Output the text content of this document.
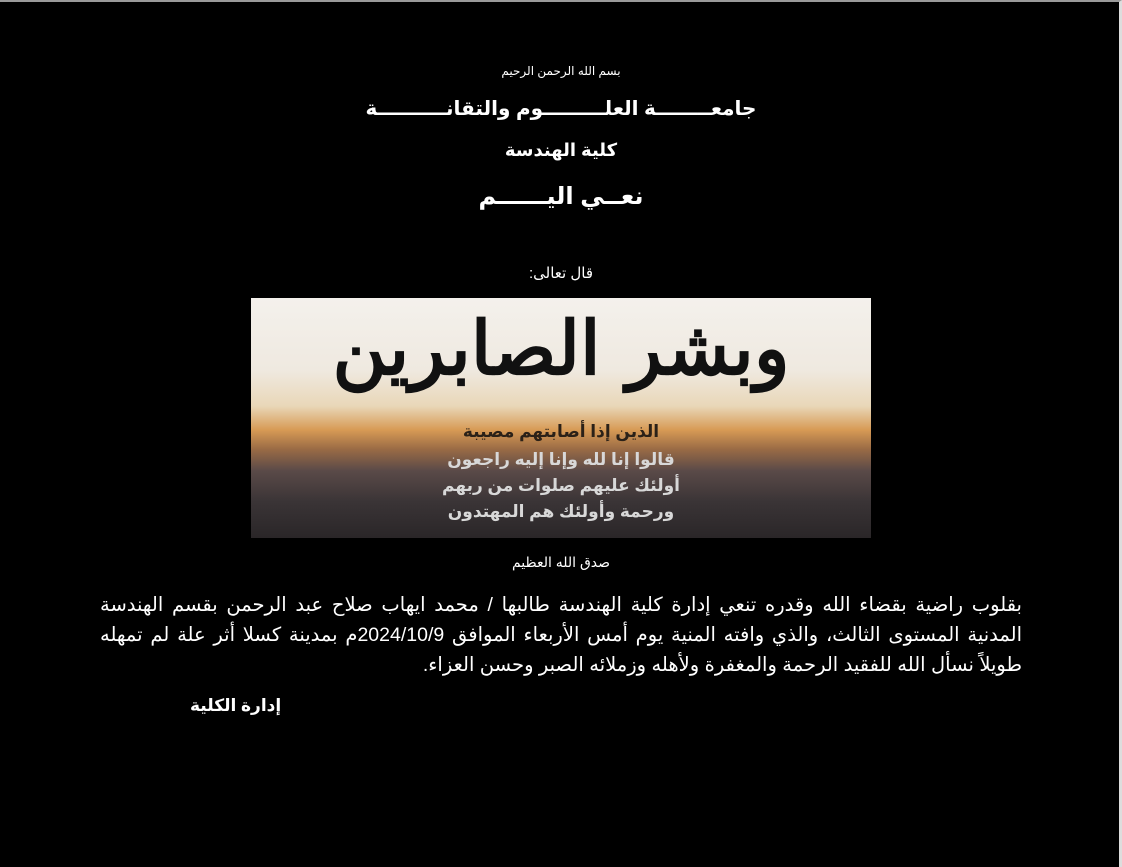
بسم الله الرحمن الرحيم
جامعــــــــة العلـــــــــوم والتقانــــــــــة
كلية الهندسة
نعــي اليــــــم
قال تعالى:
وبشر الصابرين
الذين إذا أصابتهم مصيبة
قالوا إنا لله وإنا إليه راجعون
أولئك عليهم صلوات من ربهم
ورحمة وأولئك هم المهتدون
صدق الله العظيم
بقلوب راضية بقضاء الله وقدره تنعي إدارة كلية الهندسة طالبها / محمد ايهاب صلاح عبد الرحمن بقسم الهندسة المدنية المستوى الثالث، والذي وافته المنية يوم أمس الأربعاء الموافق 2024/10/9م بمدينة كسلا أثر علة لم تمهله طويلاً نسأل الله للفقيد الرحمة والمغفرة ولأهله وزملائه الصبر وحسن العزاء.
إدارة الكلية
